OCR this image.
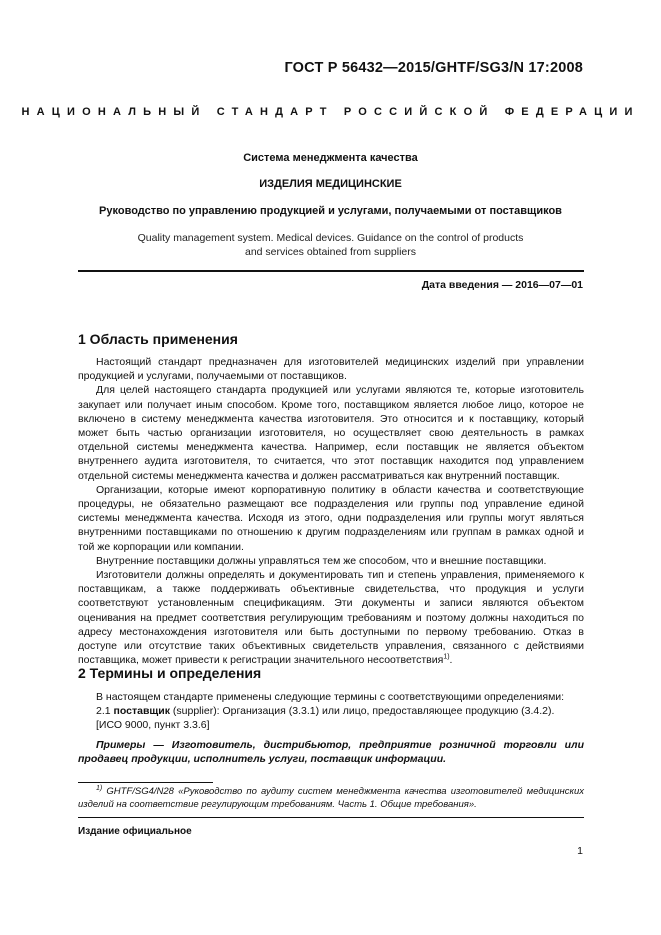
ГОСТ Р 56432—2015/GHTF/SG3/N 17:2008
НАЦИОНАЛЬНЫЙ СТАНДАРТ РОССИЙСКОЙ ФЕДЕРАЦИИ
Система менеджмента качества
ИЗДЕЛИЯ МЕДИЦИНСКИЕ
Руководство по управлению продукцией и услугами, получаемыми от поставщиков
Quality management system. Medical devices. Guidance on the control of products
and services obtained from suppliers
Дата введения — 2016—07—01
1 Область применения

Настоящий стандарт предназначен для изготовителей медицинских изделий при управлении продукцией и услугами, получаемыми от поставщиков.

Для целей настоящего стандарта продукцией или услугами являются те, которые изготовитель закупает или получает иным способом. Кроме того, поставщиком является любое лицо, которое не включено в систему менеджмента качества изготовителя. Это относится и к поставщику, который может быть частью организации изготовителя, но осуществляет свою деятельность в рамках отдельной системы менеджмента качества. Например, если поставщик не является объектом внутреннего аудита изготовителя, то считается, что этот поставщик находится под управлением отдельной системы менеджмента качества и должен рассматриваться как внутренний поставщик.

Организации, которые имеют корпоративную политику в области качества и соответствующие процедуры, не обязательно размещают все подразделения или группы под управление единой системы менеджмента качества. Исходя из этого, одни подразделения или группы могут являться внутренними поставщиками по отношению к другим подразделениям или группам в рамках одной и той же корпорации или компании.

Внутренние поставщики должны управляться тем же способом, что и внешние поставщики.

Изготовители должны определять и документировать тип и степень управления, применяемого к поставщикам, а также поддерживать объективные свидетельства, что продукция и услуги соответствуют установленным спецификациям. Эти документы и записи являются объектом оценивания на предмет соответствия регулирующим требованиям и поэтому должны находиться по адресу местонахождения изготовителя или быть доступными по первому требованию. Отказ в доступе или отсутствие таких объективных свидетельств управления, связанного с действиями поставщика, может привести к регистрации значительного несоответствия$^{1)}$.

2 Термины и определения

В настоящем стандарте применены следующие термины с соответствующими определениями:

2.1 поставщик (supplier): Организация (3.3.1) или лицо, предоставляющее продукцию (3.4.2).

[ИСО 9000, пункт 3.3.6]

Примеры — Изготовитель, дистрибьютор, предприятие розничной торговли или продавец продукции, исполнитель услуги, поставщик информации.

$^{1)}$ GHTF/SG4/N28 «Руководство по аудиту систем менеджмента качества изготовителей медицинских изделий на соответствие регулирующим требованиям. Часть 1. Общие требования».

Издание официальное
1
